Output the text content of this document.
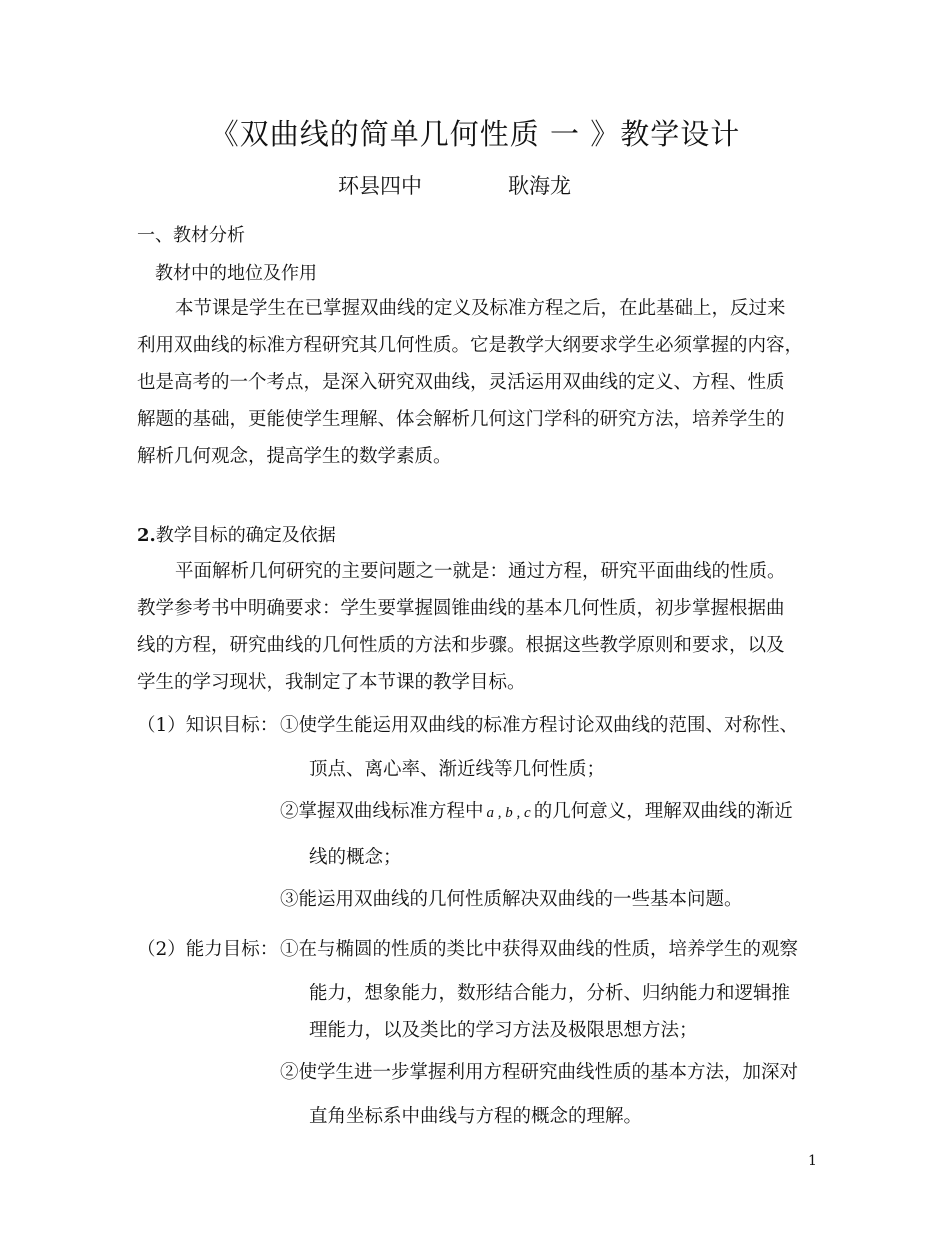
《双曲线的简单几何性质 一 》教学设计
环县四中	耿海龙
一、教材分析
教材中的地位及作用
本节课是学生在已掌握双曲线的定义及标准方程之后，在此基础上，反过来
利用双曲线的标准方程研究其几何性质。它是教学大纲要求学生必须掌握的内容，
也是高考的一个考点，是深入研究双曲线，灵活运用双曲线的定义、方程、性质
解题的基础，更能使学生理解、体会解析几何这门学科的研究方法，培养学生的
解析几何观念，提高学生的数学素质。
2.教学目标的确定及依据
平面解析几何研究的主要问题之一就是：通过方程，研究平面曲线的性质。
教学参考书中明确要求：学生要掌握圆锥曲线的基本几何性质，初步掌握根据曲
线的方程，研究曲线的几何性质的方法和步骤。根据这些教学原则和要求，以及
学生的学习现状，我制定了本节课的教学目标。
（1）知识目标： ①使学生能运用双曲线的标准方程讨论双曲线的范围、对称性、
顶点、离心率、渐近线等几何性质；
②掌握双曲线标准方程中 a , b , c 的几何意义，理解双曲线的渐近
线的概念；
③能运用双曲线的几何性质解决双曲线的一些基本问题。
（2）能力目标： ①在与椭圆的性质的类比中获得双曲线的性质，培养学生的观察
能力，想象能力，数形结合能力，分析、归纳能力和逻辑推
理能力，以及类比的学习方法及极限思想方法；
②使学生进一步掌握利用方程研究曲线性质的基本方法，加深对
直角坐标系中曲线与方程的概念的理解。
1
